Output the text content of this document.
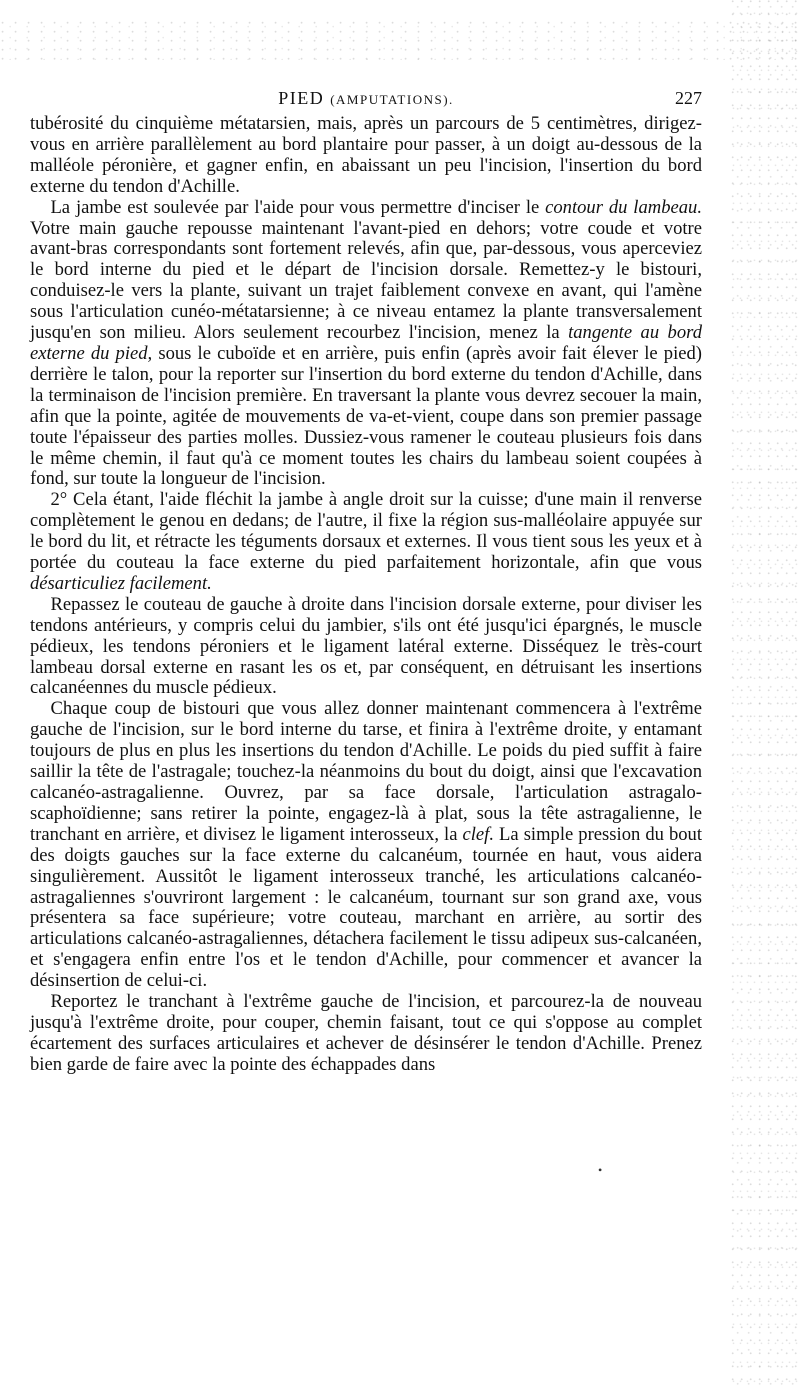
PIED (AMPUTATIONS).	227

tubérosité du cinquième métatarsien, mais, après un parcours de 5 centimètres, dirigez-vous en arrière parallèlement au bord plantaire pour passer, à un doigt au-dessous de la malléole péronière, et gagner enfin, en abaissant un peu l'incision, l'insertion du bord externe du tendon d'Achille.

La jambe est soulevée par l'aide pour vous permettre d'inciser le contour du lambeau. Votre main gauche repousse maintenant l'avant-pied en dehors; votre coude et votre avant-bras correspondants sont fortement relevés, afin que, par-dessous, vous aperceviez le bord interne du pied et le départ de l'incision dorsale. Remettez-y le bistouri, conduisez-le vers la plante, suivant un trajet faiblement convexe en avant, qui l'amène sous l'articulation cunéo-métatarsienne; à ce niveau entamez la plante transversalement jusqu'en son milieu. Alors seulement recourbez l'incision, menez la tangente au bord externe du pied, sous le cuboïde et en arrière, puis enfin (après avoir fait élever le pied) derrière le talon, pour la reporter sur l'insertion du bord externe du tendon d'Achille, dans la terminaison de l'incision première. En traversant la plante vous devrez secouer la main, afin que la pointe, agitée de mouvements de va-et-vient, coupe dans son premier passage toute l'épaisseur des parties molles. Dussiez-vous ramener le couteau plusieurs fois dans le même chemin, il faut qu'à ce moment toutes les chairs du lambeau soient coupées à fond, sur toute la longueur de l'incision.

2° Cela étant, l'aide fléchit la jambe à angle droit sur la cuisse; d'une main il renverse complètement le genou en dedans; de l'autre, il fixe la région sus-malléolaire appuyée sur le bord du lit, et rétracte les téguments dorsaux et externes. Il vous tient sous les yeux et à portée du couteau la face externe du pied parfaitement horizontale, afin que vous désarticuliez facilement.

Repassez le couteau de gauche à droite dans l'incision dorsale externe, pour diviser les tendons antérieurs, y compris celui du jambier, s'ils ont été jusqu'ici épargnés, le muscle pédieux, les tendons péroniers et le ligament latéral externe. Disséquez le très-court lambeau dorsal externe en rasant les os et, par conséquent, en détruisant les insertions calcanéennes du muscle pédieux.

Chaque coup de bistouri que vous allez donner maintenant commencera à l'extrême gauche de l'incision, sur le bord interne du tarse, et finira à l'extrême droite, y entamant toujours de plus en plus les insertions du tendon d'Achille. Le poids du pied suffit à faire saillir la tête de l'astragale; touchez-la néanmoins du bout du doigt, ainsi que l'excavation calcanéo-astragalienne. Ouvrez, par sa face dorsale, l'articulation astragalo-scaphoïdienne; sans retirer la pointe, engagez-là à plat, sous la tête astragalienne, le tranchant en arrière, et divisez le ligament interosseux, la clef. La simple pression du bout des doigts gauches sur la face externe du calcanéum, tournée en haut, vous aidera singulièrement. Aussitôt le ligament interosseux tranché, les articulations calcanéo-astragaliennes s'ouvriront largement : le calcanéum, tournant sur son grand axe, vous présentera sa face supérieure; votre couteau, marchant en arrière, au sortir des articulations calcanéo-astragaliennes, détachera facilement le tissu adipeux sus-calcanéen, et s'engagera enfin entre l'os et le tendon d'Achille, pour commencer et avancer la désinsertion de celui-ci.

Reportez le tranchant à l'extrême gauche de l'incision, et parcourez-la de nouveau jusqu'à l'extrême droite, pour couper, chemin faisant, tout ce qui s'oppose au complet écartement des surfaces articulaires et achever de désinsérer le tendon d'Achille. Prenez bien garde de faire avec la pointe des échappades dans

•
